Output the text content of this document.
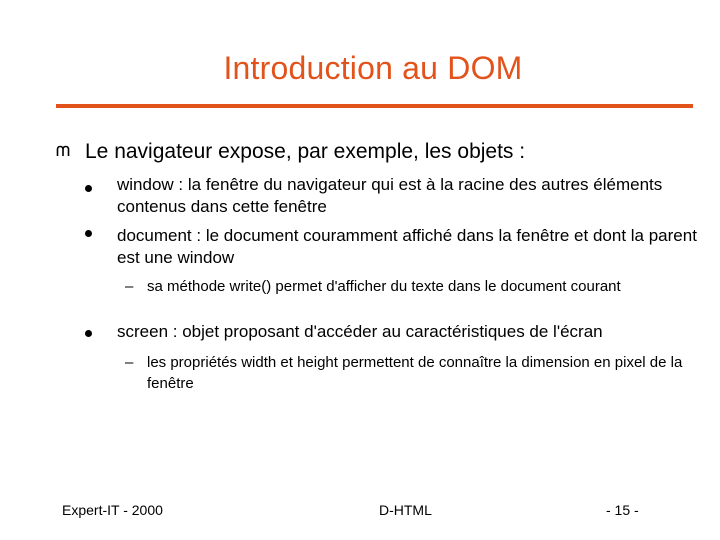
Introduction au DOM
Le navigateur expose, par exemple, les objets :
window : la fenêtre du navigateur qui est à la racine des autres éléments contenus dans cette fenêtre
document : le document couramment affiché dans la fenêtre et dont la parent est une window
– sa méthode write() permet d'afficher du texte dans le document courant
screen : objet proposant d'accéder au caractéristiques de l'écran
– les propriétés width et height permettent de connaître la dimension en pixel de la fenêtre
Expert-IT - 2000	D-HTML	- 15 -
